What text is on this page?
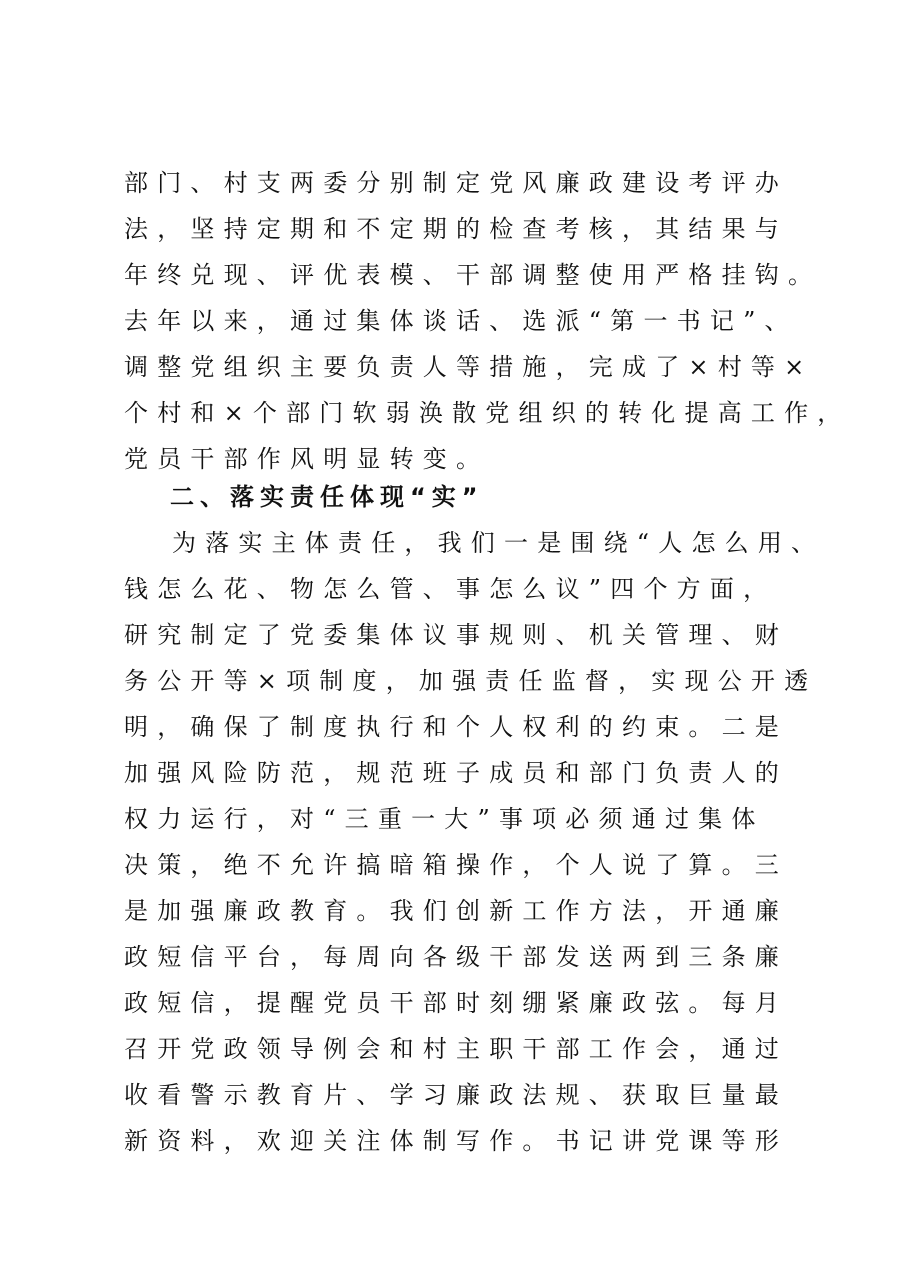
部门、村支两委分别制定党风廉政建设考评办
法，坚持定期和不定期的检查考核，其结果与
年终兑现、评优表模、干部调整使用严格挂钩。
去年以来，通过集体谈话、选派“第一书记”、
调整党组织主要负责人等措施，完成了×村等×
个村和×个部门软弱涣散党组织的转化提高工作，
党员干部作风明显转变。
二、落实责任体现“实”
为落实主体责任，我们一是围绕“人怎么用、
钱怎么花、物怎么管、事怎么议”四个方面，
研究制定了党委集体议事规则、机关管理、财
务公开等×项制度，加强责任监督，实现公开透
明，确保了制度执行和个人权利的约束。二是
加强风险防范，规范班子成员和部门负责人的
权力运行，对“三重一大”事项必须通过集体
决策，绝不允许搞暗箱操作，个人说了算。三
是加强廉政教育。我们创新工作方法，开通廉
政短信平台，每周向各级干部发送两到三条廉
政短信，提醒党员干部时刻绷紧廉政弦。每月
召开党政领导例会和村主职干部工作会，通过
收看警示教育片、学习廉政法规、获取巨量最
新资料，欢迎关注体制写作。书记讲党课等形
